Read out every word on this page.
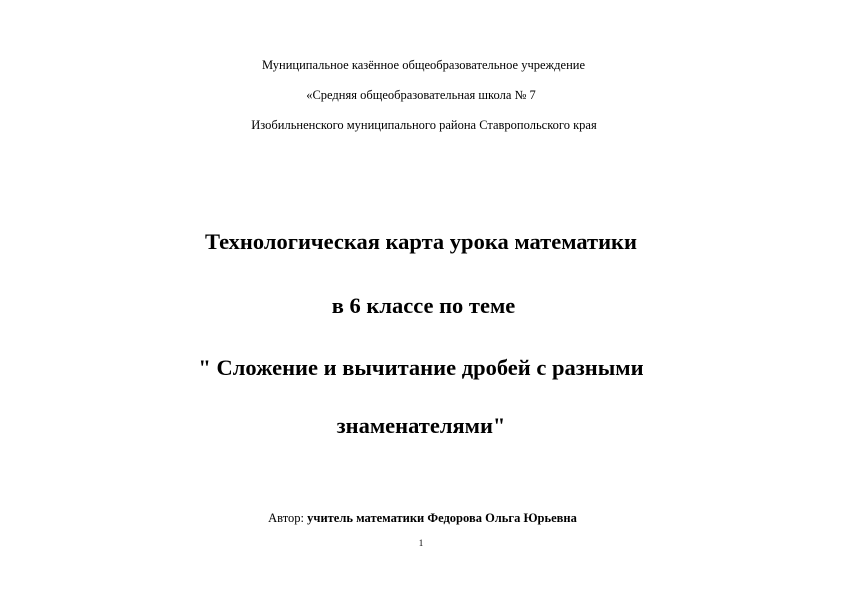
Муниципальное казённое общеобразовательное учреждение
«Средняя общеобразовательная школа № 7
Изобильненского муниципального района Ставропольского края
Технологическая карта урока математики
в 6 классе по теме
" Сложение и вычитание дробей с разными
знаменателями"
Автор: учитель математики Федорова Ольга Юрьевна
1
